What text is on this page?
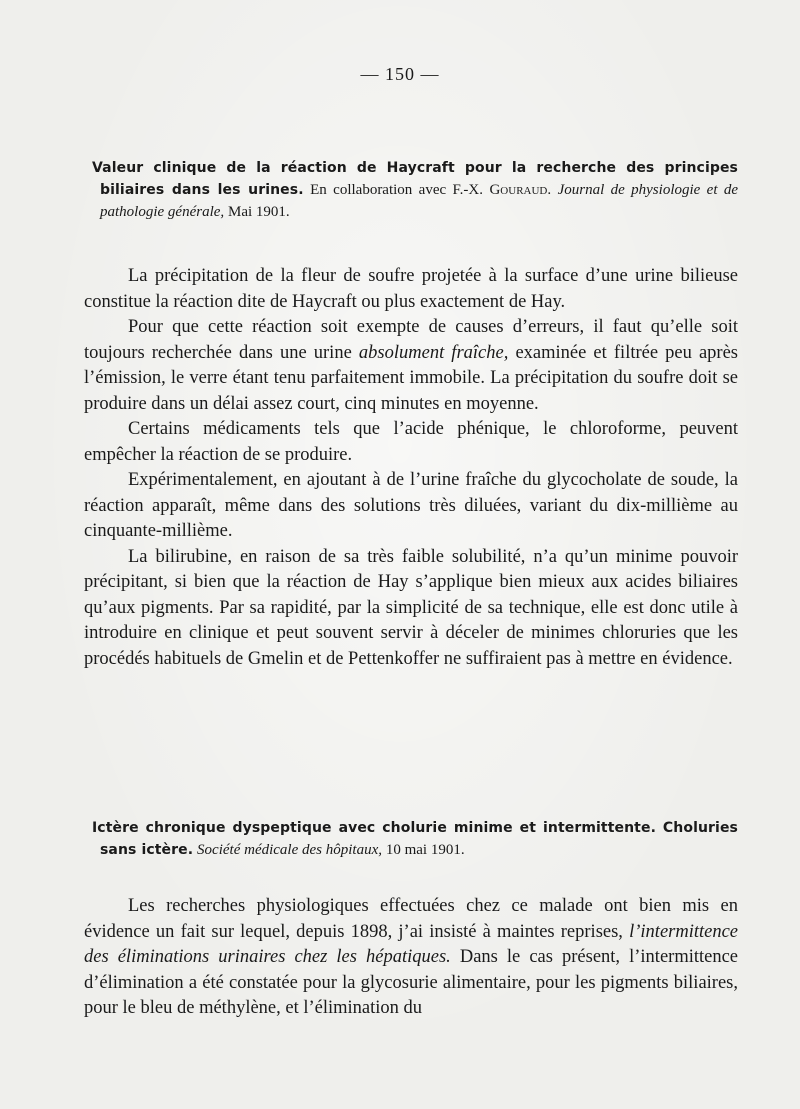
— 150 —

Valeur clinique de la réaction de Haycraft pour la recherche des principes biliaires dans les urines. En collaboration avec F.-X. Gouraud. Journal de physiologie et de pathologie générale, Mai 1901.

La précipitation de la fleur de soufre projetée à la surface d’une urine bilieuse constitue la réaction dite de Haycraft ou plus exactement de Hay.

Pour que cette réaction soit exempte de causes d’erreurs, il faut qu’elle soit toujours recherchée dans une urine absolument fraîche, examinée et filtrée peu après l’émission, le verre étant tenu parfaitement immobile. La précipitation du soufre doit se produire dans un délai assez court, cinq minutes en moyenne.

Certains médicaments tels que l’acide phénique, le chloroforme, peuvent empêcher la réaction de se produire.

Expérimentalement, en ajoutant à de l’urine fraîche du glycocholate de soude, la réaction apparaît, même dans des solutions très diluées, variant du dix-millième au cinquante-millième.

La bilirubine, en raison de sa très faible solubilité, n’a qu’un minime pouvoir précipitant, si bien que la réaction de Hay s’applique bien mieux aux acides biliaires qu’aux pigments. Par sa rapidité, par la simplicité de sa technique, elle est donc utile à introduire en clinique et peut souvent servir à déceler de minimes chloruries que les procédés habituels de Gmelin et de Pettenkoffer ne suffiraient pas à mettre en évidence.

Ictère chronique dyspeptique avec cholurie minime et intermittente. Choluries sans ictère. Société médicale des hôpitaux, 10 mai 1901.

Les recherches physiologiques effectuées chez ce malade ont bien mis en évidence un fait sur lequel, depuis 1898, j’ai insisté à maintes reprises, l’intermittence des éliminations urinaires chez les hépatiques. Dans le cas présent, l’intermittence d’élimination a été constatée pour la glycosurie alimentaire, pour les pigments biliaires, pour le bleu de méthylène, et l’élimination du
